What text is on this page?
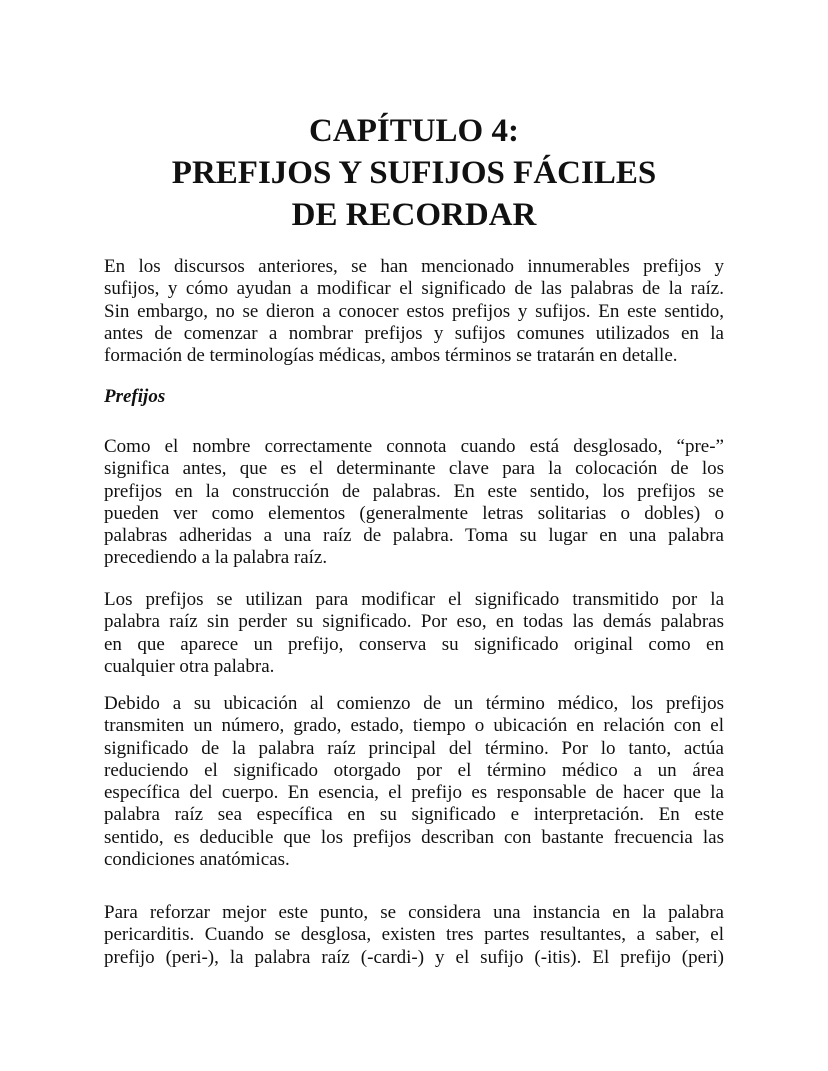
CAPÍTULO 4:
PREFIJOS Y SUFIJOS FÁCILES
DE RECORDAR
Prefijos
En los discursos anteriores, se han mencionado innumerables prefijos y
sufijos, y cómo ayudan a modificar el significado de las palabras de la raíz.
Sin embargo, no se dieron a conocer estos prefijos y sufijos. En este sentido,
antes de comenzar a nombrar prefijos y sufijos comunes utilizados en la
formación de terminologías médicas, ambos términos se tratarán en detalle.
Como el nombre correctamente connota cuando está desglosado, “pre-”
significa antes, que es el determinante clave para la colocación de los
prefijos en la construcción de palabras. En este sentido, los prefijos se
pueden ver como elementos (generalmente letras solitarias o dobles) o
palabras adheridas a una raíz de palabra. Toma su lugar en una palabra
precediendo a la palabra raíz.
Los prefijos se utilizan para modificar el significado transmitido por la
palabra raíz sin perder su significado. Por eso, en todas las demás palabras
en que aparece un prefijo, conserva su significado original como en
cualquier otra palabra.
Debido a su ubicación al comienzo de un término médico, los prefijos
transmiten un número, grado, estado, tiempo o ubicación en relación con el
significado de la palabra raíz principal del término. Por lo tanto, actúa
reduciendo el significado otorgado por el término médico a un área
específica del cuerpo. En esencia, el prefijo es responsable de hacer que la
palabra raíz sea específica en su significado e interpretación. En este
sentido, es deducible que los prefijos describan con bastante frecuencia las
condiciones anatómicas.
Para reforzar mejor este punto, se considera una instancia en la palabra
pericarditis. Cuando se desglosa, existen tres partes resultantes, a saber, el
prefijo (peri-), la palabra raíz (-cardi-) y el sufijo (-itis). El prefijo (peri)
